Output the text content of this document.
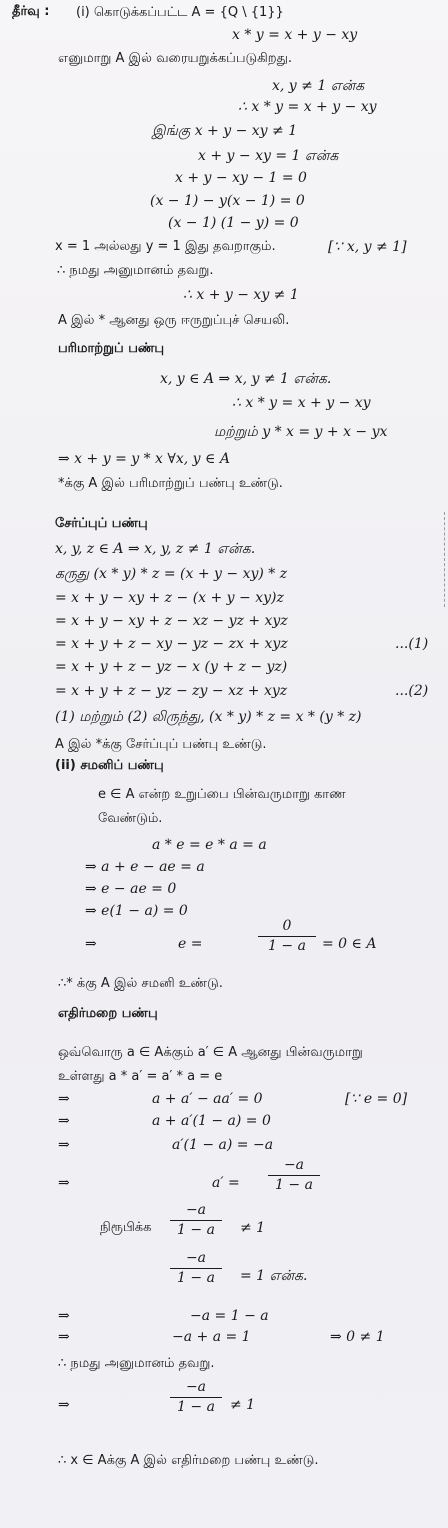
தீர்வு : (i) கொடுக்கப்பட்ட A = {Q \ {1}}
x * y = x + y − xy
எனுமாறு A இல் வரையறுக்கப்படுகிறது.
x, y ≠ 1 என்க
∴ x * y = x + y − xy
இங்கு x + y − xy ≠ 1
x + y − xy = 1 என்க
x + y − xy − 1 = 0
(x − 1) − y(x − 1) = 0
(x − 1) (1 − y) = 0
x = 1 அல்லது y = 1 இது தவறாகும்.	[∵ x, y ≠ 1]
∴ நமது அனுமானம் தவறு.
∴ x + y − xy ≠ 1
A இல் * ஆனது ஒரு ஈருறுப்புச் செயலி.
பரிமாற்றுப் பண்பு
x, y ∈ A ⇒ x, y ≠ 1 என்க.
∴ x * y = x + y − xy
மற்றும் y * x = y + x − yx
⇒ x + y = y * x ∀x, y ∈ A
*க்கு A இல் பரிமாற்றுப் பண்பு உண்டு.
சேர்ப்புப் பண்பு
x, y, z ∈ A ⇒ x, y, z ≠ 1 என்க.
கருது (x * y) * z = (x + y − xy) * z
= x + y − xy + z − (x + y − xy)z
= x + y − xy + z − xz − yz + xyz
= x + y + z − xy − yz − zx + xyz	...(1)
= x + y + z − yz − x (y + z − yz)
= x + y + z − yz − zy − xz + xyz	...(2)
(1) மற்றும் (2) லிருந்து, (x * y) * z = x * (y * z)
A இல் *க்கு சேர்ப்புப் பண்பு உண்டு.
(ii) சமனிப் பண்பு
e ∈ A என்ற உறுப்பை பின்வருமாறு காண
வேண்டும்.
a * e = e * a = a
⇒ a + e − ae = a
⇒ e − ae = 0
⇒ e(1 − a) = 0
⇒	e =
0
1 − a	= 0 ∈ A
∴* க்கு A இல் சமனி உண்டு.
எதிர்மறை பண்பு
ஒவ்வொரு a ∈ Aக்கும் a′ ∈ A ஆனது பின்வருமாறு
உள்ளது a * a′ = a′ * a = e
⇒	a + a′ − aa′ = 0	[∵ e = 0]
⇒	a + a′(1 − a) = 0
⇒	a′(1 − a) = −a
⇒	a′ =
−a
1 − a
நிரூபிக்க
−a
1 − a	≠ 1
−a
1 − a	= 1 என்க.
⇒	−a = 1 − a
⇒	−a + a = 1	⇒ 0 ≠ 1
∴ நமது அனுமானம் தவறு.
⇒
−a
1 − a	≠ 1
∴ x ∈ Aக்கு A இல் எதிர்மறை பண்பு உண்டு.
